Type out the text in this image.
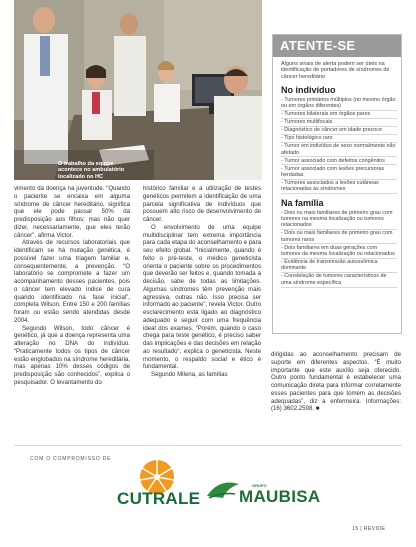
O trabalho da equipe acontece no ambulatório localizado no HC
ATENTE-SE
Alguns sinais de alerta podem ser úteis na identificação de portadores de síndromes de câncer hereditário
No indivíduo
- Tumores primários múltiplos (no mesmo órgão ou em órgãos diferentes)
- Tumores bilaterais em órgãos pares
- Tumores multifocais
- Diagnóstico de câncer em idade precoce
- Tipo histológico raro
- Tumor em indivíduo de sexo normalmente não afetado
- Tumor associado com defeitos congênitos
- Tumor associado com lesões precursoras herdadas
- Tumores associados a lesões cutâneas relacionadas às síndromes
Na família
- Dois ou mais familiares de primeiro grau com tumores na mesma localização ou tumores relacionados
- Dois ou mais familiares de primeiro grau com tumores raros
- Dois familiares em duas gerações com tumores da mesma localização ou relacionados
- Evidência de transmissão autossômica dominante
- Constelação de tumores característicos de uma síndrome específica

vimento da doença na juventude. “Quando o paciente se encaixa em alguma síndrome de câncer hereditário, significa que ele pode passar 50% da predisposição aos filhos; mas não quer dizer, necessariamente, que eles terão câncer”, afirma Victor.

Através de recursos laboratoriais que identificam se há mutação genética, é possível fazer uma triagem familiar e, consequentemente, a prevenção. “O laboratório se compromete a fazer um acompanhamento desses pacientes, pois o câncer tem elevado índice de cura quando identificado na fase inicial”, completa Wilson. Entre 150 e 200 famílias foram ou estão sendo atendidas desde 2004.

Segundo Wilson, todo câncer é genético, já que a doença representa uma alteração no DNA do indivíduo. “Praticamente todos os tipos de câncer estão englobados na síndrome hereditária, mas apenas 10% desses códigos de predisposição são conhecidos”, explica o pesquisador. O levantamento do

histórico familiar e a utilização de testes genéticos permitem a identificação de uma parcela significativa de indivíduos que possuem alto risco de desenvolvimento de câncer.

O envolvimento de uma equipe multidisciplinar tem extrema importância para cada etapa do aconselhamento e para seu efeito global. “Inicialmente, quando é feito o pré-teste, o médico geneticista orienta o paciente sobre os procedimentos que deverão ser feitos e, quando tomada a decisão, sabe de todas as limitações. Algumas síndromes têm prevenção mais agressiva, outras não. Isso precisa ser informado ao paciente”, revela Victor. Outro esclarecimento está ligado ao diagnóstico adequado e seguir com uma frequência ideal dos exames. “Porém, quando o caso chega para teste genético, é preciso saber das implicações e das decisões em relação ao resultado”, explica o geneticista. Neste momento, o respaldo social e ético é fundamental.

Segundo Milena, as famílias

dirigidas ao aconselhamento precisam de suporte em diferentes aspectos. “É muito importante que este auxílio seja oferecido. Outro ponto fundamental é estabelecer uma comunicação direta para informar corretamente esses pacientes para que tomem as decisões adequadas”, diz a enfermeira. Informações: (16) 3602.2598. ■

COM O COMPROMISSO DE
CUTRALE
GRUPO
MAUBISA
15 | REVIDE
